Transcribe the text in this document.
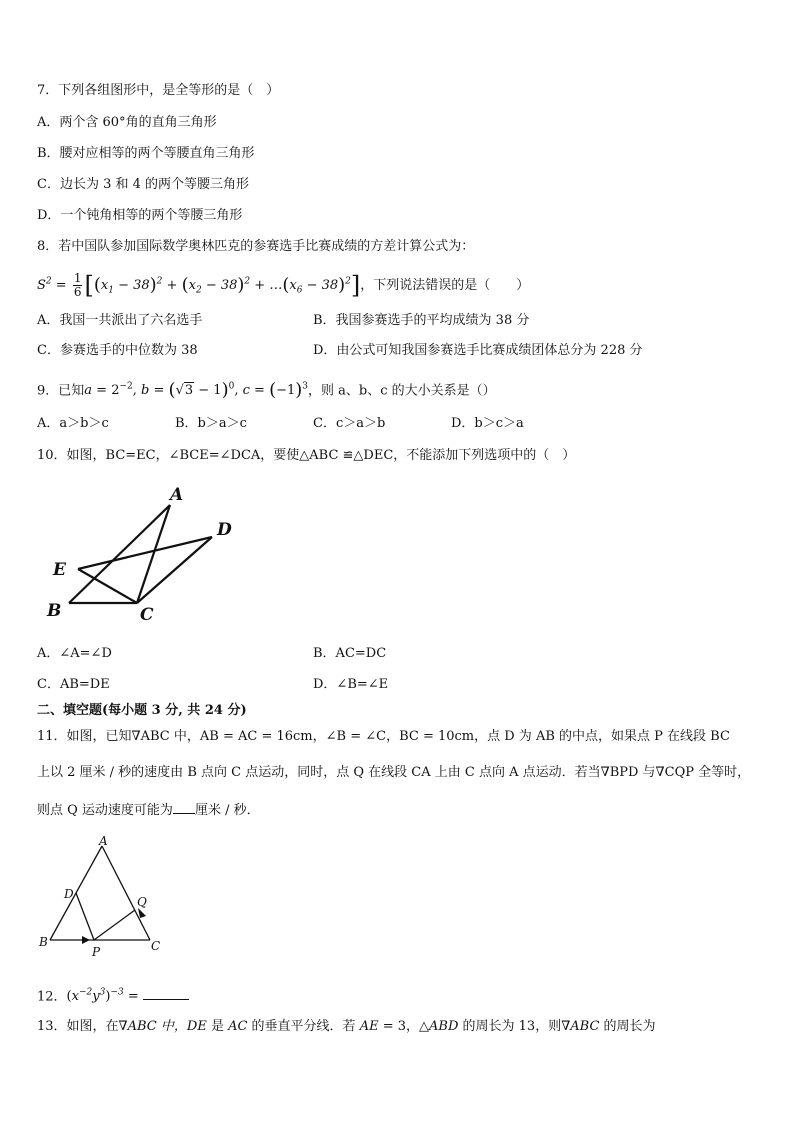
7．下列各组图形中，是全等形的是（　）
A．两个含 60°角的直角三角形
B．腰对应相等的两个等腰直角三角形
C．边长为 3 和 4 的两个等腰三角形
D．一个钝角相等的两个等腰三角形
8．若中国队参加国际数学奥林匹克的参赛选手比赛成绩的方差计算公式为：
$S^2 = \frac{1}{6} [(x_1 - 38)^2 + (x_2 - 38)^2$ + $\dots(x_6 - 38)^2$]，下列说法错误的是（　　）
A．我国一共派出了六名选手	B．我国参赛选手的平均成绩为 38 分
C．参赛选手的中位数为 38	D．由公式可知我国参赛选手比赛成绩团体总分为 228 分
9．已知$a = 2^{-2}$, $b = (√3 - 1)^0$, $c = (-1)^3$，则 a、b、c 的大小关系是（）
A．a＞b＞c	B．b＞a＞c	C．c＞a＞b	D．b＞c＞a
10．如图，BC=EC，∠BCE=∠DCA，要使△ABC ≌△DEC，不能添加下列选项中的（　）
A
D
E
B	C
A．∠A=∠D	B．AC=DC
C．AB=DE	D．∠B=∠E
二、填空题(每小题 3 分, 共 24 分)
11．如图，已知∇ABC 中，AB = AC = 16cm，∠B = ∠C，BC = 10cm，点 D 为 AB 的中点，如果点 P 在线段 BC
上以 2 厘米 / 秒的速度由 B 点向 C 点运动，同时，点 Q 在线段 CA 上由 C 点向 A 点运动．若当∇BPD 与∇CQP 全等时，
则点 Q 运动速度可能为 厘米 / 秒．
A
D
Q
B
P	C
12．$(x^{-2}y^3)^{-3}$ =
13．如图，在∇ABC 中，DE 是 AC 的垂直平分线．若 AE = 3，△ABD 的周长为 13，则∇ABC 的周长为
